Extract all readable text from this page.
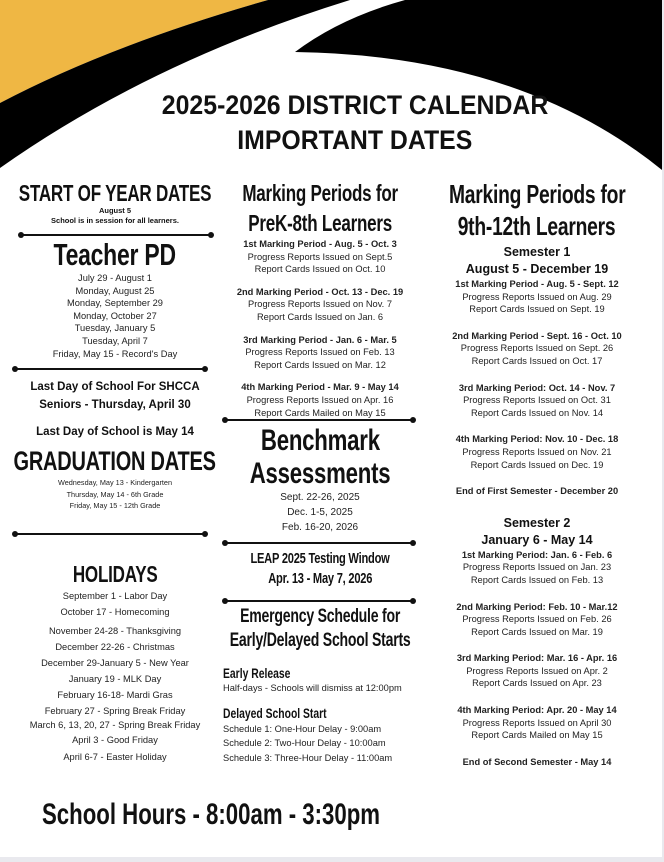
2025-2026 DISTRICT CALENDAR
IMPORTANT DATES
START OF YEAR DATES
August 5
School is in session for all learners.
Teacher PD
July 29 - August 1
Monday, August 25
Monday, September 29
Monday, October 27
Tuesday, January 5
Tuesday, April 7
Friday, May 15 - Record's Day
Last Day of School For SHCCA
Seniors - Thursday, April 30
Last Day of School is May 14
GRADUATION DATES
Wednesday, May 13 - Kindergarten
Thursday, May 14 - 6th Grade
Friday, May 15 - 12th Grade
HOLIDAYS
September 1 - Labor Day
October 17 - Homecoming
November 24-28 - Thanksgiving
December 22-26 - Christmas
December 29-January 5 - New Year
January 19 - MLK Day
February 16-18- Mardi Gras
February 27 - Spring Break Friday
March 6, 13, 20, 27 - Spring Break Friday
April 3 - Good Friday
April 6-7 - Easter Holiday
Marking Periods for
PreK-8th Learners
1st Marking Period - Aug. 5 - Oct. 3
Progress Reports Issued on Sept.5
Report Cards Issued on Oct. 10
2nd Marking Period - Oct. 13 - Dec. 19
Progress Reports Issued on Nov. 7
Report Cards Issued on Jan. 6
3rd Marking Period - Jan. 6 - Mar. 5
Progress Reports Issued on Feb. 13
Report Cards Issued on Mar. 12
4th Marking Period - Mar. 9 - May 14
Progress Reports Issued on Apr. 16
Report Cards Mailed on May 15
Benchmark
Assessments
Sept. 22-26, 2025
Dec. 1-5, 2025
Feb. 16-20, 2026
LEAP 2025 Testing Window
Apr. 13 - May 7, 2026
Emergency Schedule for
Early/Delayed School Starts
Early Release
Half-days - Schools will dismiss at 12:00pm
Delayed School Start
Schedule 1: One-Hour Delay - 9:00am
Schedule 2: Two-Hour Delay - 10:00am
Schedule 3: Three-Hour Delay - 11:00am
Marking Periods for
9th-12th Learners
Semester 1
August 5 - December 19
1st Marking Period - Aug. 5 - Sept. 12
Progress Reports Issued on Aug. 29
Report Cards Issued on Sept. 19
2nd Marking Period - Sept. 16 - Oct. 10
Progress Reports Issued on Sept. 26
Report Cards Issued on Oct. 17
3rd Marking Period: Oct. 14 - Nov. 7
Progress Reports Issued on Oct. 31
Report Cards Issued on Nov. 14
4th Marking Period: Nov. 10 - Dec. 18
Progress Reports Issued on Nov. 21
Report Cards Issued on Dec. 19
End of First Semester - December 20
Semester 2
January 6 - May 14
1st Marking Period: Jan. 6 - Feb. 6
Progress Reports Issued on Jan. 23
Report Cards Issued on Feb. 13
2nd Marking Period: Feb. 10 - Mar.12
Progress Reports Issued on Feb. 26
Report Cards Issued on Mar. 19
3rd Marking Period: Mar. 16 - Apr. 16
Progress Reports Issued on Apr. 2
Report Cards Issued on Apr. 23
4th Marking Period: Apr. 20 - May 14
Progress Reports Issued on April 30
Report Cards Mailed on May 15
End of Second Semester - May 14
School Hours - 8:00am - 3:30pm
